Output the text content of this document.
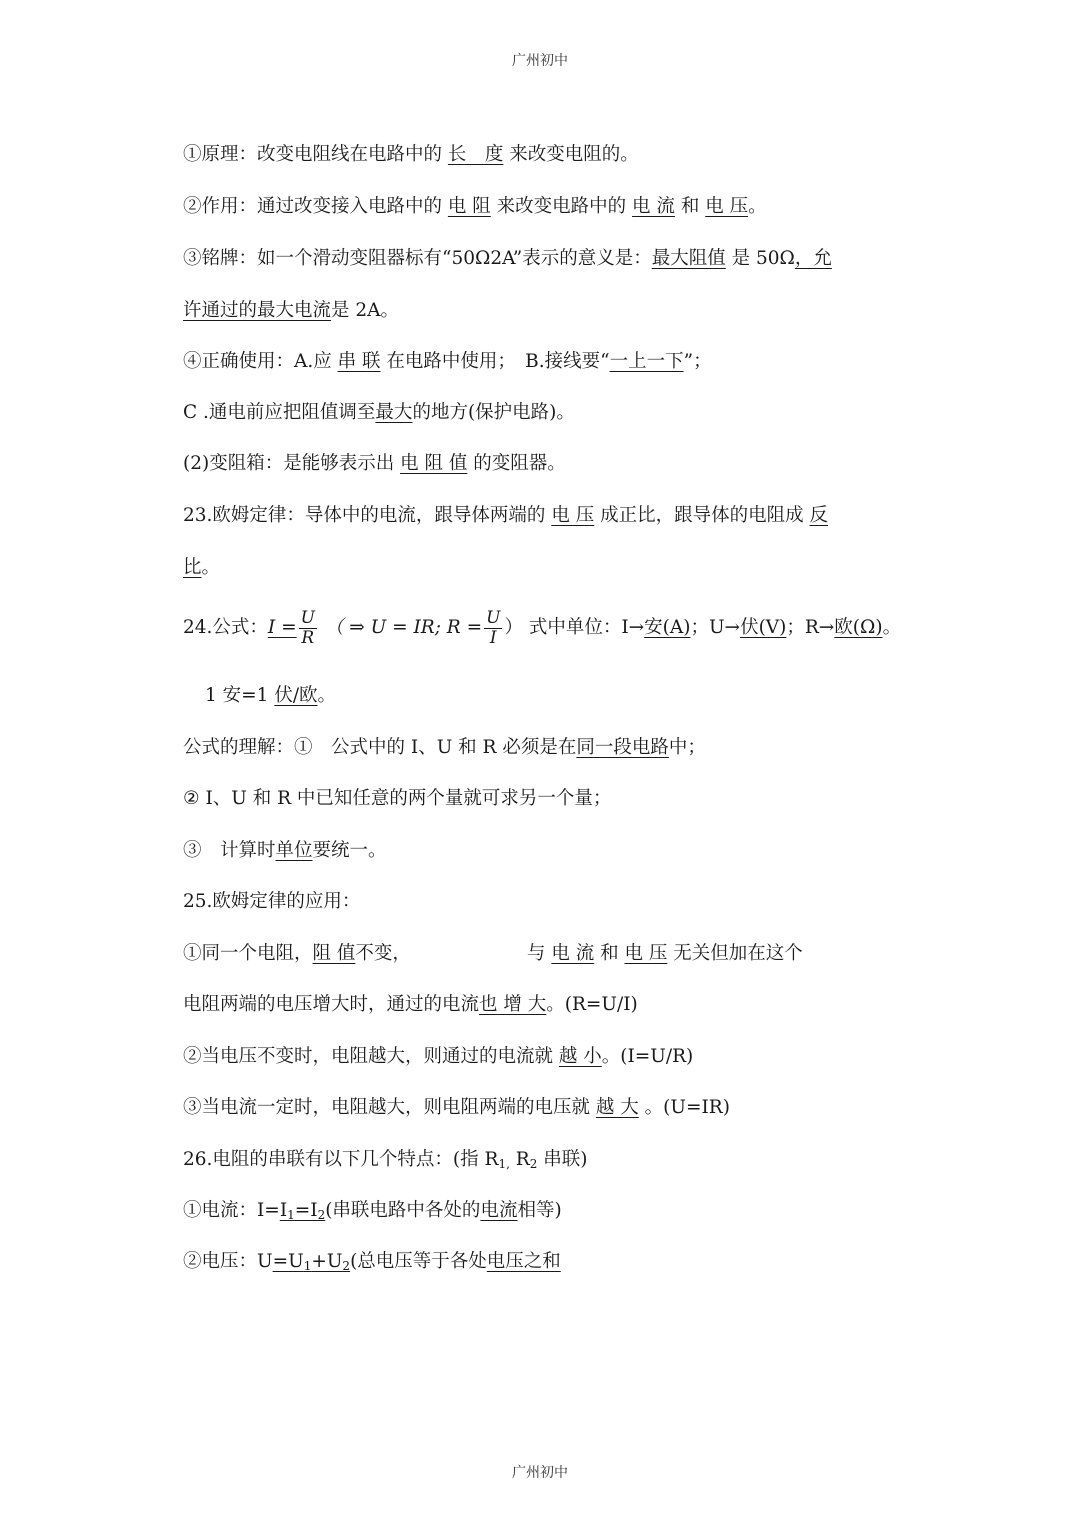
广州初中
①原理：改变电阻线在电路中的 长　度 来改变电阻的。
②作用：通过改变接入电路中的 电 阻 来改变电路中的 电 流 和 电 压。
③铭牌：如一个滑动变阻器标有“50Ω2A”表示的意义是：最大阻值 是 50Ω，允
许通过的最大电流是 2A。
④正确使用：A.应 串 联 在电路中使用；　B.接线要“一上一下”；
C .通电前应把阻值调至最大的地方(保护电路)。
(2)变阻箱：是能够表示出 电 阻 值 的变阻器。
23.欧姆定律：导体中的电流，跟导体两端的 电 压 成正比，跟导体的电阻成 反
比。
24.公式：$I = \frac{U}{R}$ （ ⇒ U = IR; $R = \frac{U}{I}$ ） 式中单位：I→安(A)；U→伏(V)；R→欧(Ω)。
1 安=1 伏/欧。
公式的理解：①　公式中的 I、U 和 R 必须是在同一段电路中；
② I、U 和 R 中已知任意的两个量就可求另一个量；
③　计算时单位要统一。
25.欧姆定律的应用：
①同一个电阻，阻 值不变，	与 电 流 和 电 压 无关但加在这个
电阻两端的电压增大时，通过的电流也 增 大。(R=U/I)
②当电压不变时，电阻越大，则通过的电流就 越 小。(I=U/R)
③当电流一定时，电阻越大，则电阻两端的电压就 越 大 。(U=IR)
26.电阻的串联有以下几个特点：(指 $R_{1,}$ $R_2$ 串联)
①电流：$I=I_1=I_2$(串联电路中各处的电流相等)
②电压：$U=U_1+U_2$(总电压等于各处电压之和
广州初中
